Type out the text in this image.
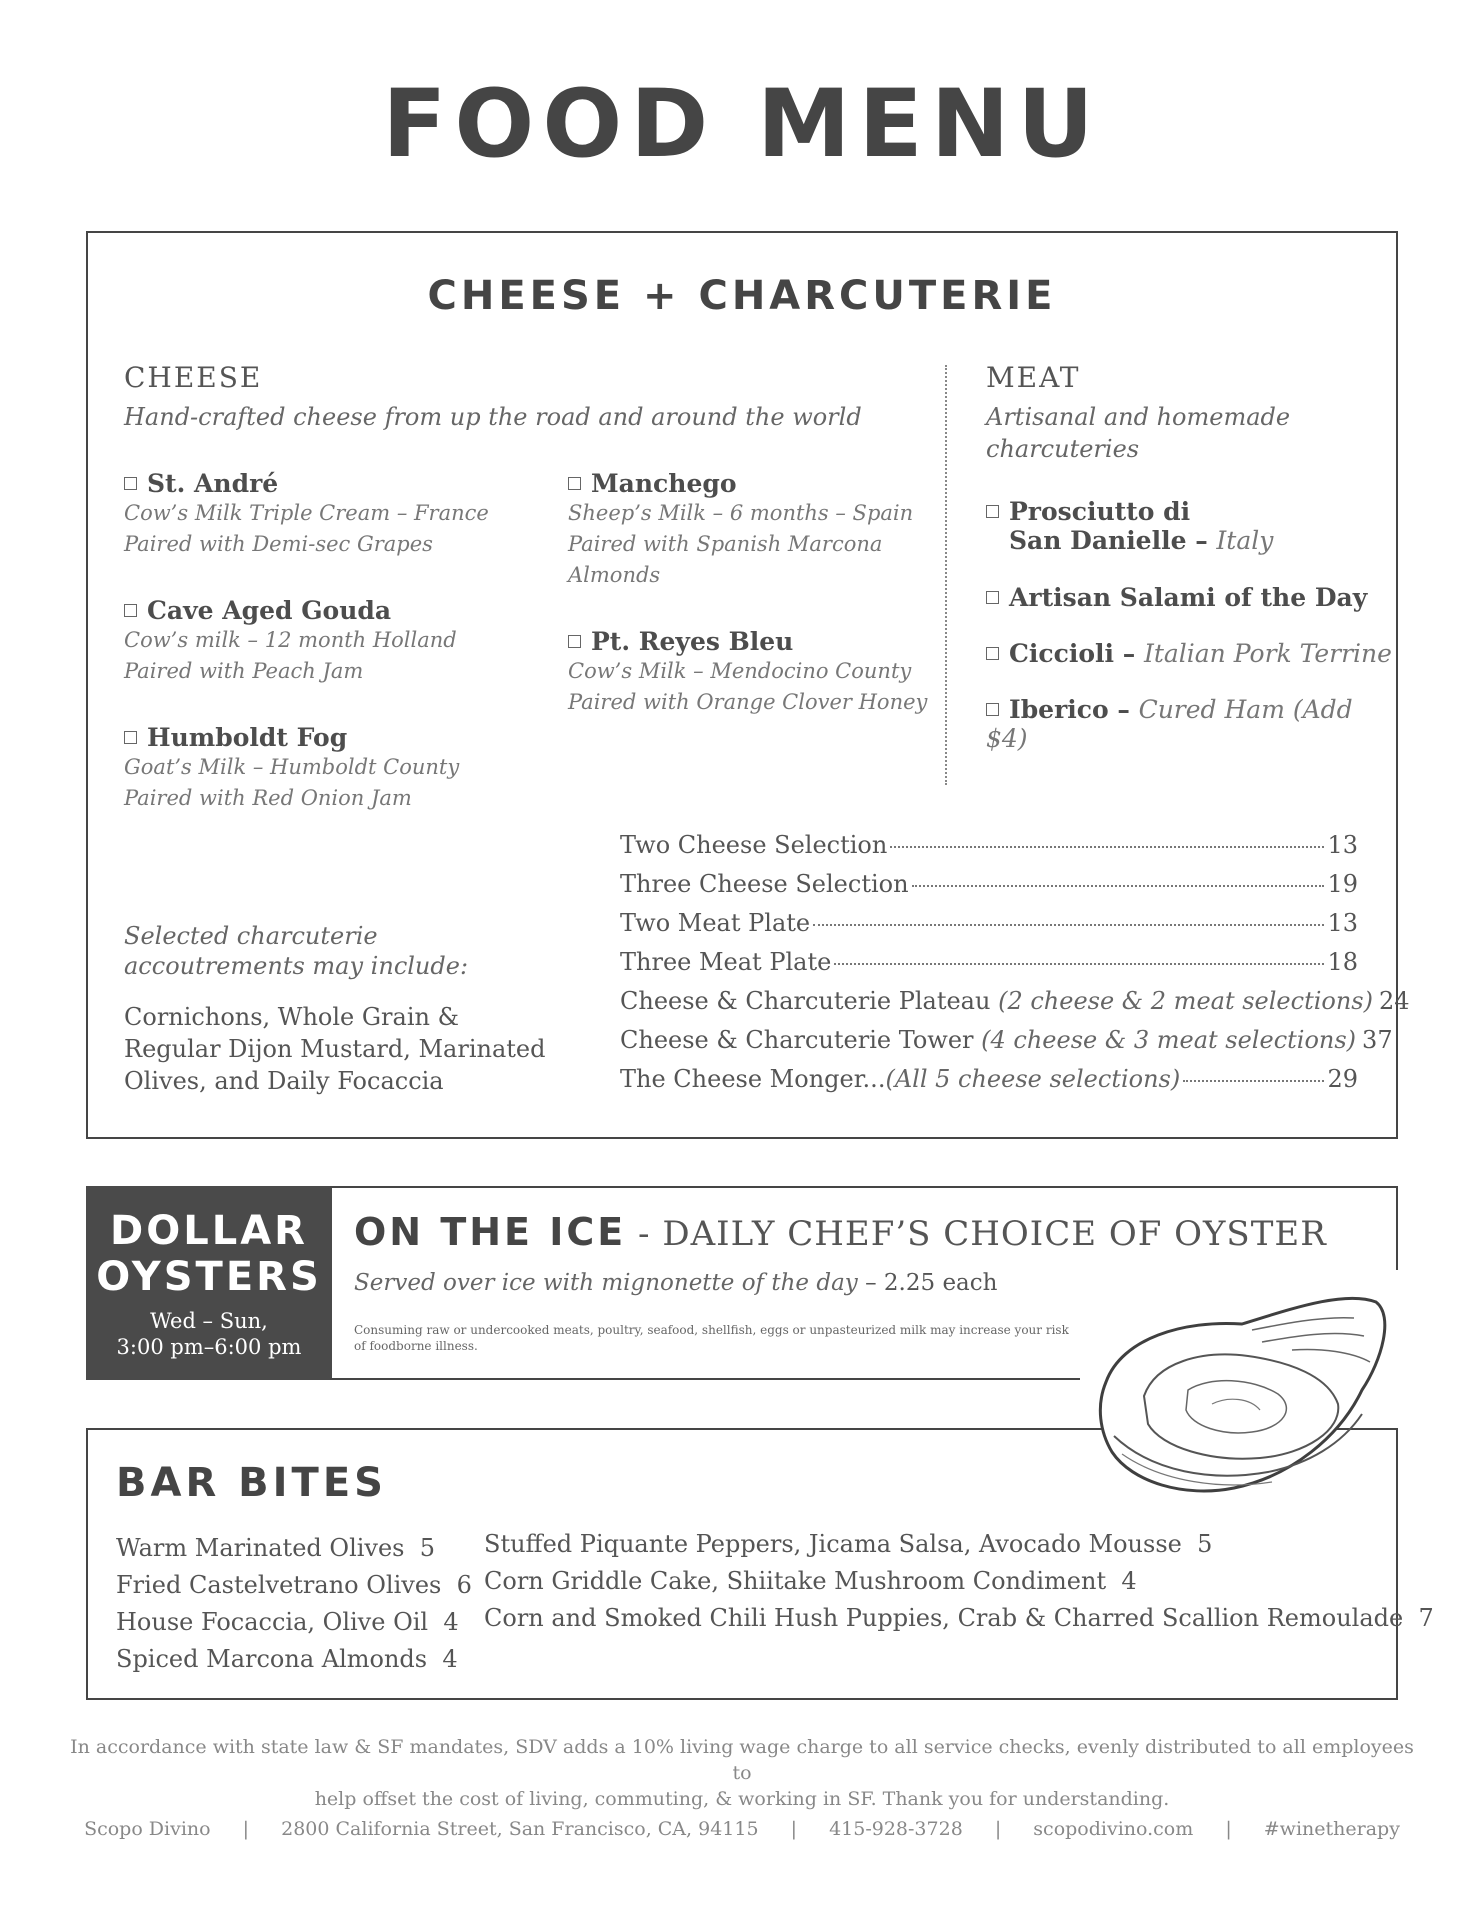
FOOD MENU
CHEESE + CHARCUTERIE
CHEESE
Hand-crafted cheese from up the road and around the world
St. André
Cow’s Milk Triple Cream – France
Paired with Demi-sec Grapes
Cave Aged Gouda
Cow’s milk – 12 month Holland
Paired with Peach Jam
Humboldt Fog
Goat’s Milk – Humboldt County
Paired with Red Onion Jam
Manchego
Sheep’s Milk – 6 months – Spain
Paired with Spanish Marcona
Almonds
Pt. Reyes Bleu
Cow’s Milk – Mendocino County
Paired with Orange Clover Honey
MEAT
Artisanal and homemade
charcuteries
Prosciutto di
San Danielle – Italy
Artisan Salami of the Day
Ciccioli – Italian Pork Terrine
Iberico – Cured Ham (Add $4)
Selected charcuterie
accoutrements may include:
Cornichons, Whole Grain &
Regular Dijon Mustard, Marinated
Olives, and Daily Focaccia
Two Cheese Selection	13
Three Cheese Selection	19
Two Meat Plate	13
Three Meat Plate	18
Cheese & Charcuterie Plateau (2 cheese & 2 meat selections) 24
Cheese & Charcuterie Tower (4 cheese & 3 meat selections) 37
The Cheese Monger...(All 5 cheese selections)	29
DOLLAR
OYSTERS
Wed – Sun,
3:00 pm–6:00 pm
ON THE ICE - DAILY CHEF’S CHOICE OF OYSTER
Served over ice with mignonette of the day – 2.25 each
Consuming raw or undercooked meats, poultry, seafood, shellfish, eggs or unpasteurized milk may increase your risk
of foodborne illness.
BAR BITES
Warm Marinated Olives 5
Fried Castelvetrano Olives 6
House Focaccia, Olive Oil 4
Spiced Marcona Almonds 4
Stuffed Piquante Peppers, Jicama Salsa, Avocado Mousse 5
Corn Griddle Cake, Shiitake Mushroom Condiment 4
Corn and Smoked Chili Hush Puppies, Crab & Charred Scallion Remoulade 7
In accordance with state law & SF mandates, SDV adds a 10% living wage charge to all service checks, evenly distributed to all employees to
help offset the cost of living, commuting, & working in SF. Thank you for understanding.
Scopo Divino | 2800 California Street, San Francisco, CA, 94115 | 415-928-3728 | scopodivino.com | #winetherapy
